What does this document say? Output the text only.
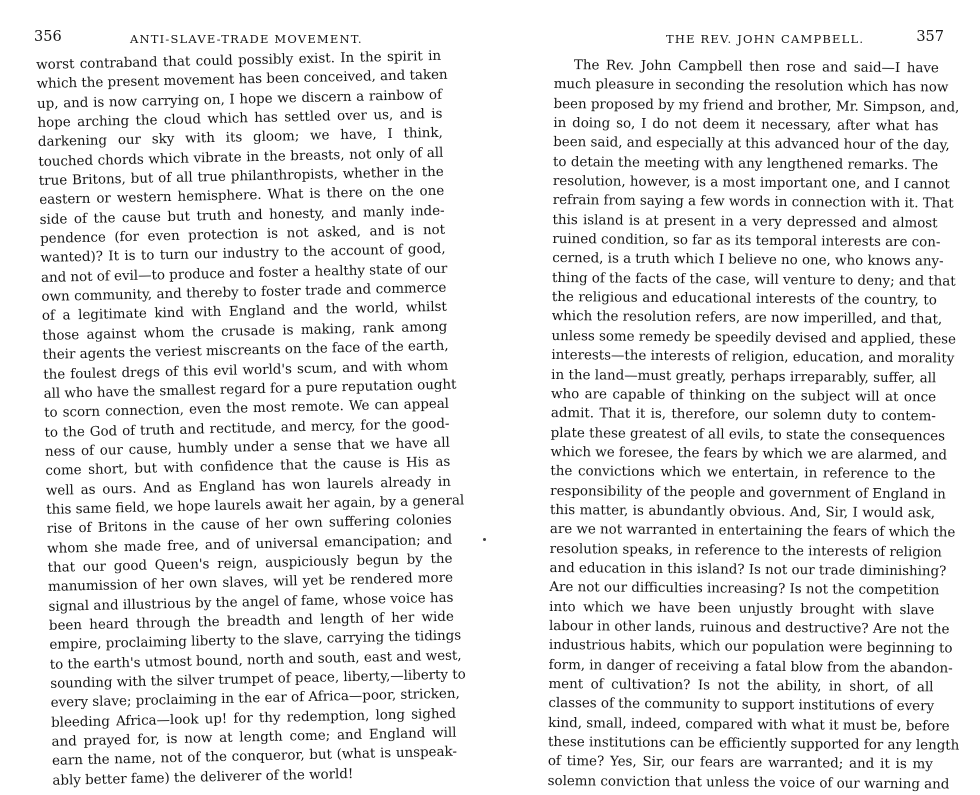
356	ANTI-SLAVE-TRADE MOVEMENT.
worst contraband that could possibly exist. In the spirit in
which the present movement has been conceived, and taken
up, and is now carrying on, I hope we discern a rainbow of
hope arching the cloud which has settled over us, and is
darkening our sky with its gloom; we have, I think,
touched chords which vibrate in the breasts, not only of all
true Britons, but of all true philanthropists, whether in the
eastern or western hemisphere. What is there on the one
side of the cause but truth and honesty, and manly inde-
pendence (for even protection is not asked, and is not
wanted)? It is to turn our industry to the account of good,
and not of evil—to produce and foster a healthy state of our
own community, and thereby to foster trade and commerce
of a legitimate kind with England and the world, whilst
those against whom the crusade is making, rank among
their agents the veriest miscreants on the face of the earth,
the foulest dregs of this evil world's scum, and with whom
all who have the smallest regard for a pure reputation ought
to scorn connection, even the most remote. We can appeal
to the God of truth and rectitude, and mercy, for the good-
ness of our cause, humbly under a sense that we have all
come short, but with confidence that the cause is His as
well as ours. And as England has won laurels already in
this same field, we hope laurels await her again, by a general
rise of Britons in the cause of her own suffering colonies
whom she made free, and of universal emancipation; and
that our good Queen's reign, auspiciously begun by the
manumission of her own slaves, will yet be rendered more
signal and illustrious by the angel of fame, whose voice has
been heard through the breadth and length of her wide
empire, proclaiming liberty to the slave, carrying the tidings
to the earth's utmost bound, north and south, east and west,
sounding with the silver trumpet of peace, liberty,—liberty to
every slave; proclaiming in the ear of Africa—poor, stricken,
bleeding Africa—look up! for thy redemption, long sighed
and prayed for, is now at length come; and England will
earn the name, not of the conqueror, but (what is unspeak-
ably better fame) the deliverer of the world!
THE REV. JOHN CAMPBELL.	357
The Rev. John Campbell then rose and said—I have
much pleasure in seconding the resolution which has now
been proposed by my friend and brother, Mr. Simpson, and,
in doing so, I do not deem it necessary, after what has
been said, and especially at this advanced hour of the day,
to detain the meeting with any lengthened remarks. The
resolution, however, is a most important one, and I cannot
refrain from saying a few words in connection with it. That
this island is at present in a very depressed and almost
ruined condition, so far as its temporal interests are con-
cerned, is a truth which I believe no one, who knows any-
thing of the facts of the case, will venture to deny; and that
the religious and educational interests of the country, to
which the resolution refers, are now imperilled, and that,
unless some remedy be speedily devised and applied, these
interests—the interests of religion, education, and morality
in the land—must greatly, perhaps irreparably, suffer, all
who are capable of thinking on the subject will at once
admit. That it is, therefore, our solemn duty to contem-
plate these greatest of all evils, to state the consequences
which we foresee, the fears by which we are alarmed, and
the convictions which we entertain, in reference to the
responsibility of the people and government of England in
this matter, is abundantly obvious. And, Sir, I would ask,
are we not warranted in entertaining the fears of which the
resolution speaks, in reference to the interests of religion
and education in this island? Is not our trade diminishing?
Are not our difficulties increasing? Is not the competition
into which we have been unjustly brought with slave
labour in other lands, ruinous and destructive? Are not the
industrious habits, which our population were beginning to
form, in danger of receiving a fatal blow from the abandon-
ment of cultivation? Is not the ability, in short, of all
classes of the community to support institutions of every
kind, small, indeed, compared with what it must be, before
these institutions can be efficiently supported for any length
of time? Yes, Sir, our fears are warranted; and it is my
solemn conviction that unless the voice of our warning and
